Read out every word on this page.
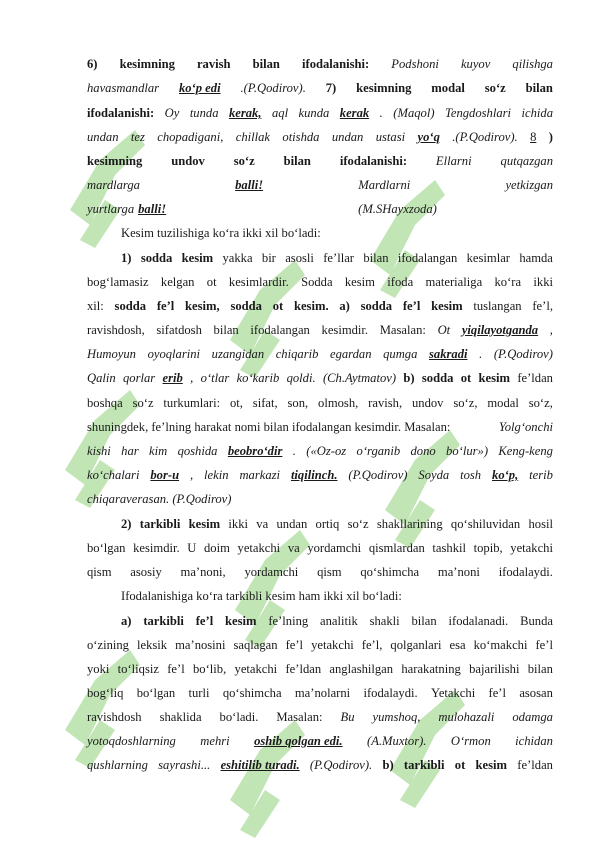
6) kesimning ravish bilan ifodalanishi: Podshoni kuyov qilishga
havasmandlar ko‘p edi .(P.Qodirov). 7) kesimning modal so‘z bilan
ifodalanishi: Oy tunda kerak, aql kunda kerak . (Maqol) Tengdoshlari ichida
undan tez chopadigani, chillak otishda undan ustasi yo‘q .(P.Qodirov). 8 )
kesimning undov so‘z bilan ifodalanishi: Ellarni qutqazgan
mardlarga	balli!	Mardlarni	yetkizgan
yurtlarga balli!	(M.SHayxzoda)
Kesim tuzilishiga ko‘ra ikki xil bo‘ladi:
1) sodda kesim yakka bir asosli fe’llar bilan ifodalangan kesimlar hamda
bog‘lamasiz kelgan ot kesimlardir. Sodda kesim ifoda materialiga ko‘ra ikki
xil: sodda fe’l kesim, sodda ot kesim. a) sodda fe’l kesim tuslangan fe’l,
ravishdosh, sifatdosh bilan ifodalangan kesimdir. Masalan: Ot yiqilayotganda ,
Humoyun oyoqlarini uzangidan chiqarib egardan qumga sakradi . (P.Qodirov)
Qalin qorlar erib , o‘tlar ko‘karib qoldi. (Ch.Aytmatov) b) sodda ot kesim fe’ldan
boshqa so‘z turkumlari: ot, sifat, son, olmosh, ravish, undov so‘z, modal so‘z,
shuningdek, fe’lning harakat nomi bilan ifodalangan kesimdir. Masalan:	Yolg‘onchi
kishi har kim qoshida beobro‘dir . («Oz-oz o‘rganib dono bo‘lur») Keng-keng
ko‘chalari bor-u , lekin markazi tiqilinch. (P.Qodirov) Soyda tosh ko‘p, terib
chiqaraverasan. (P.Qodirov)
2) tarkibli kesim ikki va undan ortiq so‘z shakllarining qo‘shiluvidan hosil
bo‘lgan kesimdir. U doim yetakchi va yordamchi qismlardan tashkil topib, yetakchi
qism asosiy ma’noni, yordamchi qism qo‘shimcha ma’noni ifodalaydi.
Ifodalanishiga ko‘ra tarkibli kesim ham ikki xil bo‘ladi:
a) tarkibli fe’l kesim fe’lning analitik shakli bilan ifodalanadi. Bunda
o‘zining leksik ma’nosini saqlagan fe’l yetakchi fe’l, qolganlari esa ko‘makchi fe’l
yoki to‘liqsiz fe’l bo‘lib, yetakchi fe’ldan anglashilgan harakatning bajarilishi bilan
bog‘liq bo‘lgan turli qo‘shimcha ma’nolarni ifodalaydi. Yetakchi fe’l asosan
ravishdosh shaklida bo‘ladi. Masalan: Bu yumshoq, mulohazali odamga
yotoqdoshlarning mehri oshib qolgan edi. (A.Muxtor). O‘rmon ichidan
qushlarning sayrashi... eshitilib turadi. (P.Qodirov). b) tarkibli ot kesim fe’ldan
